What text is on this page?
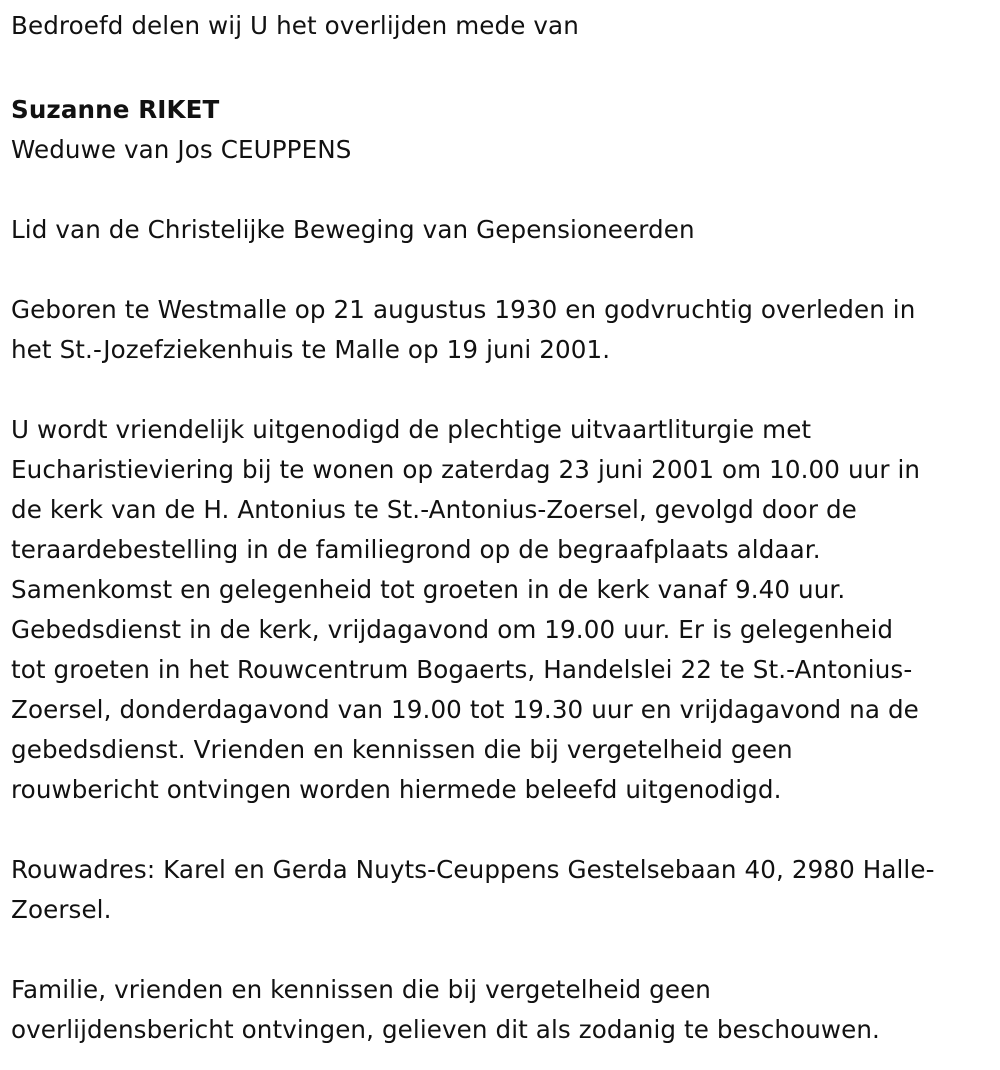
Bedroefd delen wij U het overlijden mede van

Suzanne RIKET

Weduwe van Jos CEUPPENS

Lid van de Christelijke Beweging van Gepensioneerden

Geboren te Westmalle op 21 augustus 1930 en godvruchtig overleden in

het St.-Jozefziekenhuis te Malle op 19 juni 2001.

U wordt vriendelijk uitgenodigd de plechtige uitvaartliturgie met

Eucharistieviering bij te wonen op zaterdag 23 juni 2001 om 10.00 uur in

de kerk van de H. Antonius te St.-Antonius-Zoersel, gevolgd door de

teraardebestelling in de familiegrond op de begraafplaats aldaar.

Samenkomst en gelegenheid tot groeten in de kerk vanaf 9.40 uur.

Gebedsdienst in de kerk, vrijdagavond om 19.00 uur. Er is gelegenheid

tot groeten in het Rouwcentrum Bogaerts, Handelslei 22 te St.-Antonius-

Zoersel, donderdagavond van 19.00 tot 19.30 uur en vrijdagavond na de

gebedsdienst. Vrienden en kennissen die bij vergetelheid geen

rouwbericht ontvingen worden hiermede beleefd uitgenodigd.

Rouwadres: Karel en Gerda Nuyts-Ceuppens Gestelsebaan 40, 2980 Halle-

Zoersel.

Familie, vrienden en kennissen die bij vergetelheid geen

overlijdensbericht ontvingen, gelieven dit als zodanig te beschouwen.
